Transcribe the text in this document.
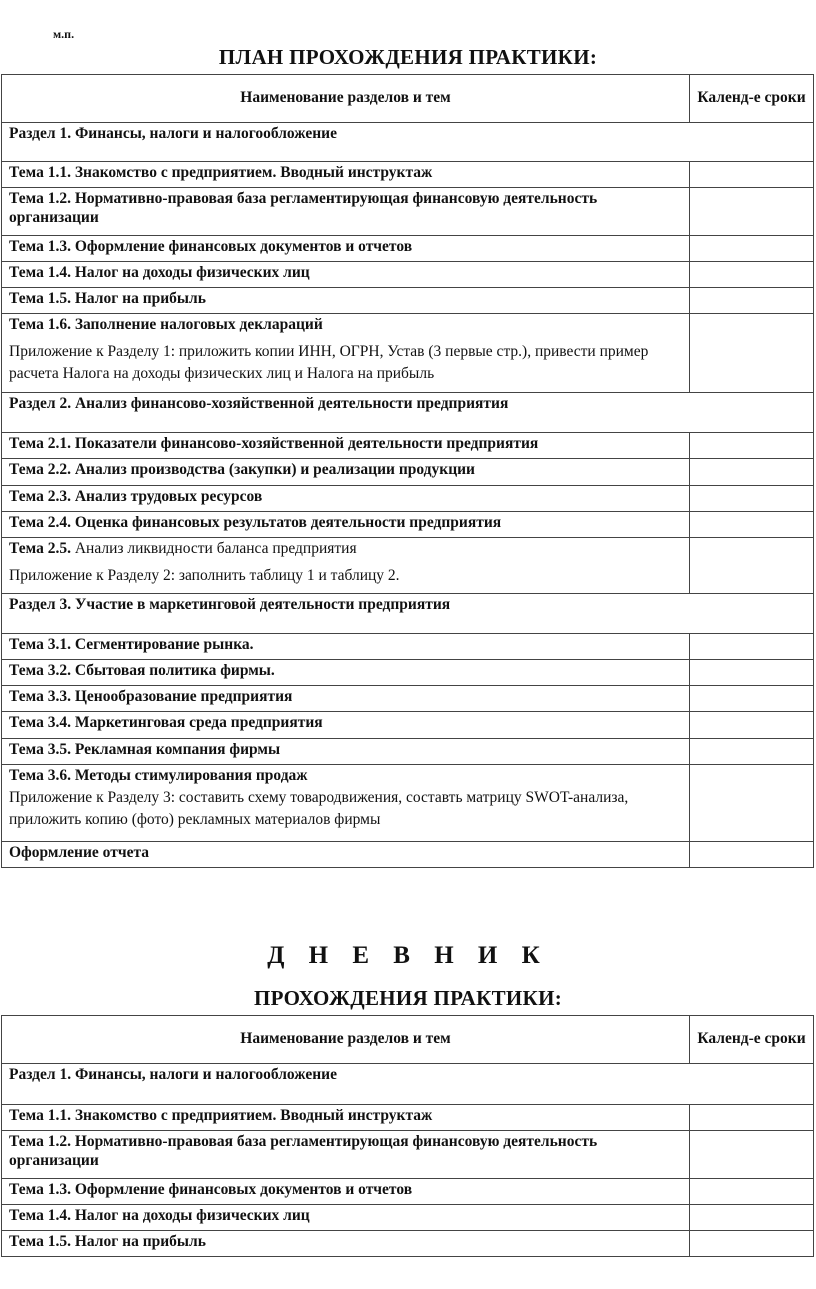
м.п.
ПЛАН ПРОХОЖДЕНИЯ ПРАКТИКИ:
Наименование разделов и тем	Календ-е сроки
Раздел 1. Финансы, налоги и налогообложение	
Тема 1.1. Знакомство с предприятием. Вводный инструктаж	
Тема 1.2. Нормативно-правовая база регламентирующая финансовую деятельность организации	
Тема 1.3. Оформление финансовых документов и отчетов	
Тема 1.4. Налог на доходы физических лиц	
Тема 1.5. Налог на прибыль	
Тема 1.6. Заполнение налоговых деклараций
Приложение к Разделу 1: приложить копии ИНН, ОГРН, Устав (3 первые стр.), привести пример расчета Налога на доходы физических лиц и Налога на прибыль	

Раздел 2. Анализ финансово-хозяйственной деятельности предприятия	
Тема 2.1. Показатели финансово-хозяйственной деятельности предприятия	
Тема 2.2. Анализ производства (закупки) и реализации продукции	
Тема 2.3. Анализ трудовых ресурсов	
Тема 2.4. Оценка финансовых результатов деятельности предприятия	
Тема 2.5. Анализ ликвидности баланса предприятия
Приложение к Разделу 2: заполнить таблицу 1 и таблицу 2.	

Раздел 3. Участие в маркетинговой деятельности предприятия	
Тема 3.1. Сегментирование рынка.	
Тема 3.2. Сбытовая политика фирмы.	
Тема 3.3. Ценообразование предприятия	
Тема 3.4. Маркетинговая среда предприятия	
Тема 3.5. Рекламная компания фирмы	
Тема 3.6. Методы стимулирования продаж
Приложение к Разделу 3: составить схему товародвижения, составть матрицу SWOT-анализа, приложить копию (фото) рекламных материалов фирмы	

Оформление отчета	
Д Н Е В Н И К
ПРОХОЖДЕНИЯ ПРАКТИКИ:
Наименование разделов и тем	Календ-е сроки
Раздел 1. Финансы, налоги и налогообложение	
Тема 1.1. Знакомство с предприятием. Вводный инструктаж	
Тема 1.2. Нормативно-правовая база регламентирующая финансовую деятельность организации	
Тема 1.3. Оформление финансовых документов и отчетов	
Тема 1.4. Налог на доходы физических лиц	
Тема 1.5. Налог на прибыль	
